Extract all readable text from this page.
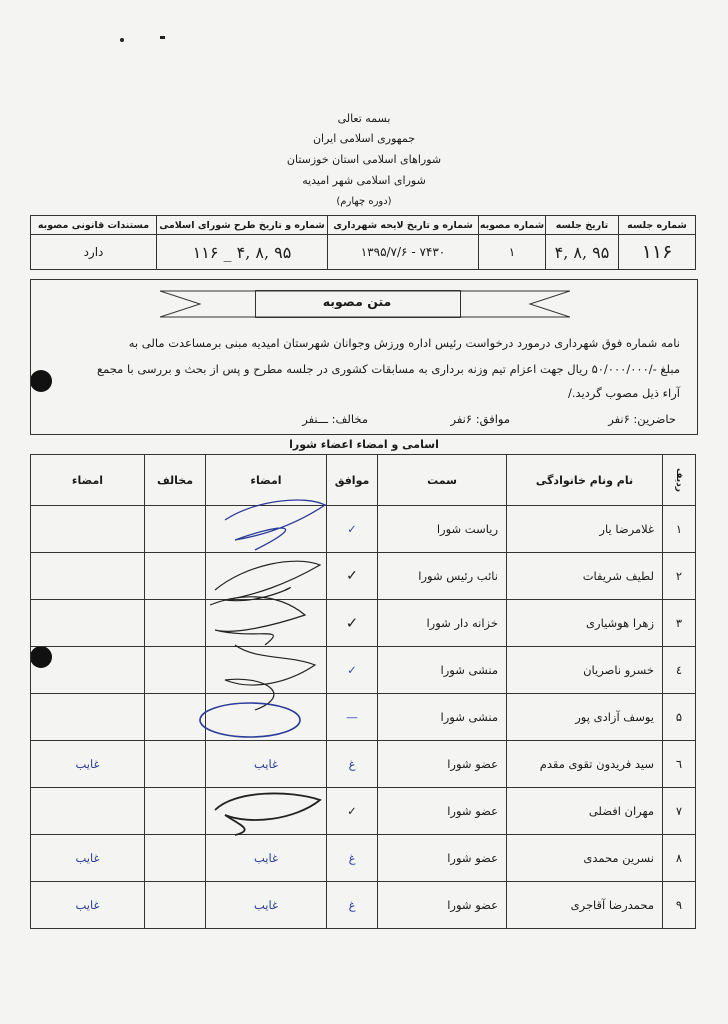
بسمه تعالی
جمهوری اسلامی ایران
شوراهای اسلامی استان خوزستان
شورای اسلامی شهر امیدیه
(دوره چهارم)
شماره جلسه	تاریخ جلسه	شماره مصوبه	شماره و تاریخ لایحه شهرداری	شماره و تاریخ طرح شورای اسلامی	مستندات قانونی مصوبه
۱۱۶	۹۵ ,۸ ,۴	۱	۷۴۳۰ - ۱۳۹۵/۷/۶	۹۵ ,۸ ,۴ _ ۱۱۶	دارد
متن مصوبه
نامه شماره فوق شهرداری درمورد درخواست رئیس اداره ورزش وجوانان شهرستان امیدیه مبنی برمساعدت مالی به
مبلغ -/۵۰/۰۰۰/۰۰۰ ریال جهت اعزام تیم وزنه برداری به مسابقات کشوری در جلسه مطرح و پس از بحث و بررسی با مجمع
آراء ذیل مصوب گردید./
حاضرین: ۶نفر
موافق: ۶نفر
مخالف: ـــنفر
اسامی و امضاء اعضاء شورا
ردیف	نام ونام خانوادگی	سمت	موافق	امضاء	مخالف	امضاء
۱	غلامرضا یار	ریاست شورا	✓			
۲	لطیف شریفات	نائب رئیس شورا	✓			
۳	زهرا هوشیاری	خزانه دار شورا	✓			
٤	خسرو ناصریان	منشی شورا	✓			
۵	یوسف آزادی پور	منشی شورا	—			
٦	سید فریدون تقوی مقدم	عضو شورا	غ	غایب		غایب
۷	مهران افضلی	عضو شورا	✓			
۸	نسرین محمدی	عضو شورا	غ	غایب		غایب
۹	محمدرضا آقاجری	عضو شورا	غ	غایب		غایب
